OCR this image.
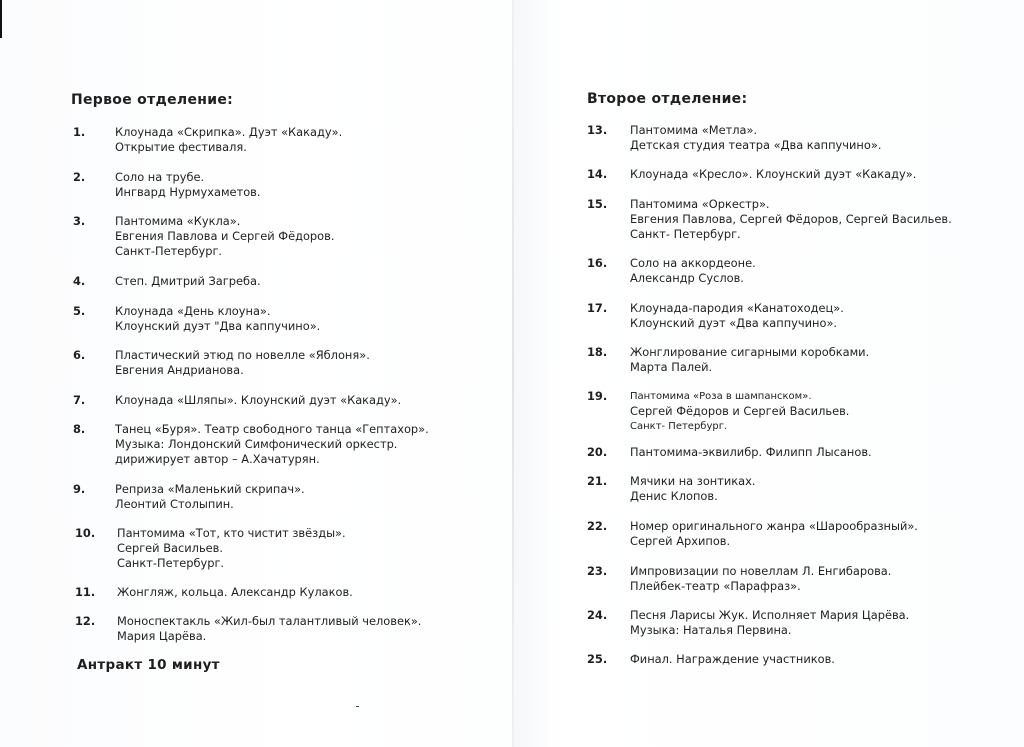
Первое отделение:
1.	Клоунада «Скрипка». Дуэт «Какаду».
Открытие фестиваля.
2.	Соло на трубе.
Ингвард Нурмухаметов.
3.	Пантомима «Кукла».
Евгения Павлова и Сергей Фёдоров.
Санкт-Петербург.
4.	Степ. Дмитрий Загреба.
5.	Клоунада «День клоуна».
Клоунский дуэт "Два каппучино».
6.	Пластический этюд по новелле «Яблоня».
Евгения Андрианова.
7.	Клоунада «Шляпы». Клоунский дуэт «Какаду».
8.	Танец «Буря». Театр свободного танца «Гептахор».
Музыка: Лондонский Симфонический оркестр.
дирижирует автор – А.Хачатурян.
9.	Реприза «Маленький скрипач».
Леонтий Столыпин.
10. Пантомима «Тот, кто чистит звёзды».
Сергей Васильев.
Санкт-Петербург.
11. Жонгляж, кольца. Александр Кулаков.
12. Моноспектакль «Жил-был талантливый человек».
Мария Царёва.
Антракт 10 минут
Второе отделение:
13. Пантомима «Метла».
Детская студия театра «Два каппучино».
14. Клоунада «Кресло». Клоунский дуэт «Какаду».
15. Пантомима «Оркестр».
Евгения Павлова, Сергей Фёдоров, Сергей Васильев.
Санкт- Петербург.
16. Соло на аккордеоне.
Александр Суслов.
17. Клоунада-пародия «Канатоходец».
Клоунский дуэт «Два каппучино».
18. Жонглирование сигарными коробками.
Марта Палей.
19. Пантомима «Роза в шампанском».
Сергей Фёдоров и Сергей Васильев.
Санкт- Петербург.
20. Пантомима-эквилибр. Филипп Лысанов.
21. Мячики на зонтиках.
Денис Клопов.
22. Номер оригинального жанра «Шарообразный».
Сергей Архипов.
23. Импровизации по новеллам Л. Енгибарова.
Плейбек-театр «Парафраз».
24. Песня Ларисы Жук. Исполняет Мария Царёва.
Музыка: Наталья Первина.
25. Финал. Награждение участников.
